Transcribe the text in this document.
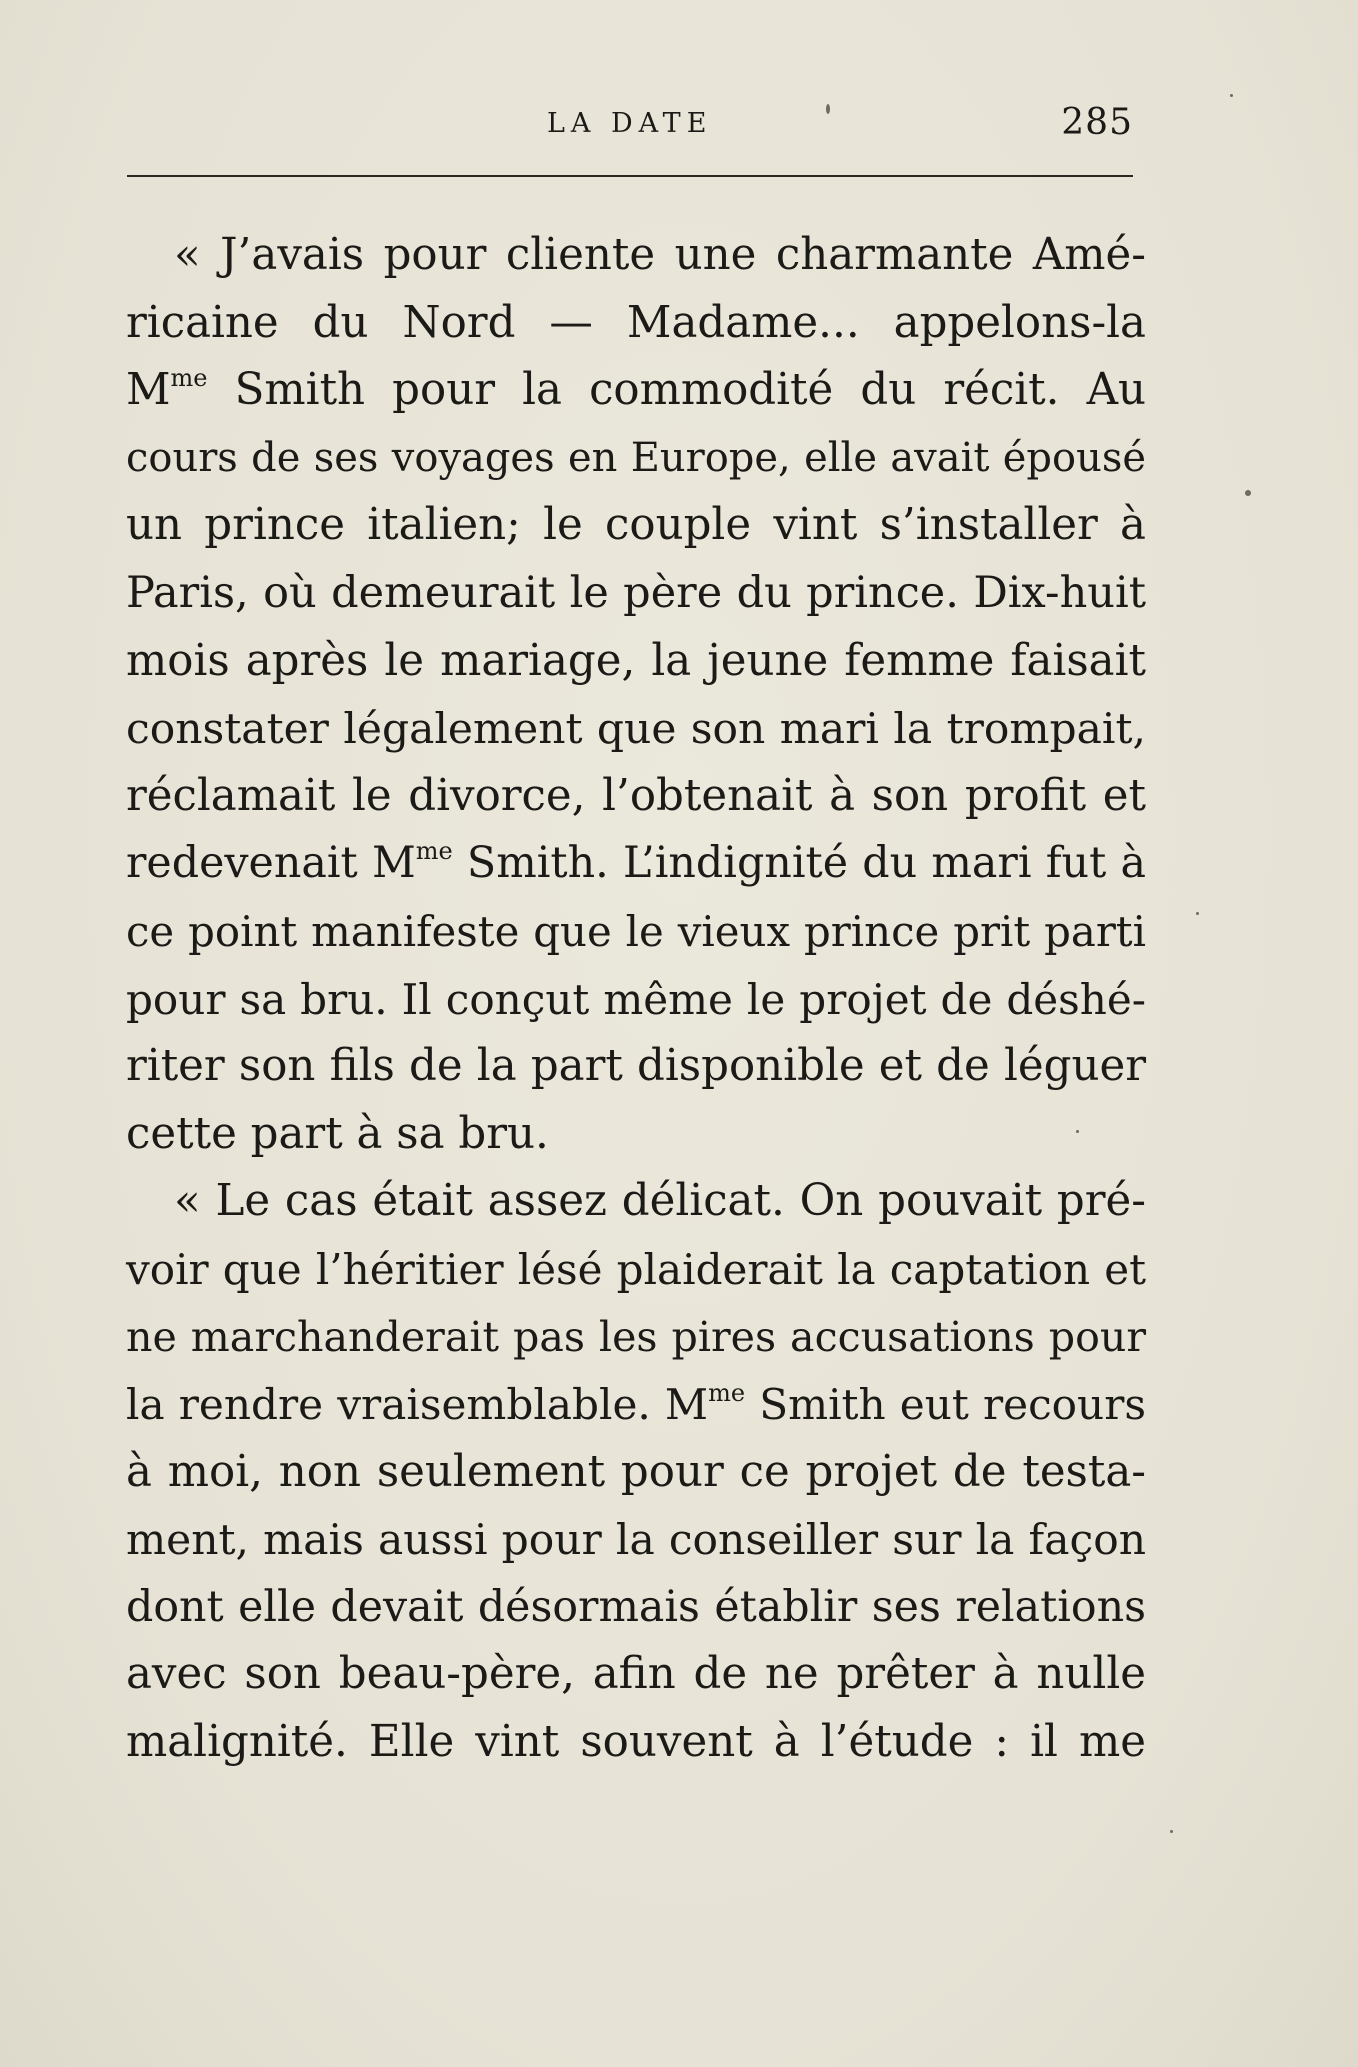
LA DATE	285
« J’avais pour cliente une charmante Amé-
ricaine du Nord — Madame... appelons-la
$M^{me}$ Smith pour la commodité du récit. Au
cours de ses voyages en Europe, elle avait épousé
un prince italien; le couple vint s’installer à
Paris, où demeurait le père du prince. Dix-huit
mois après le mariage, la jeune femme faisait
constater légalement que son mari la trompait,
réclamait le divorce, l’obtenait à son profit et
redevenait $M^{me}$ Smith. L’indignité du mari fut à
ce point manifeste que le vieux prince prit parti
pour sa bru. Il conçut même le projet de déshé-
riter son fils de la part disponible et de léguer
cette part à sa bru.
« Le cas était assez délicat. On pouvait pré-
voir que l’héritier lésé plaiderait la captation et
ne marchanderait pas les pires accusations pour
la rendre vraisemblable. $M^{me}$ Smith eut recours
à moi, non seulement pour ce projet de testa-
ment, mais aussi pour la conseiller sur la façon
dont elle devait désormais établir ses relations
avec son beau-père, afin de ne prêter à nulle
malignité. Elle vint souvent à l’étude : il me
